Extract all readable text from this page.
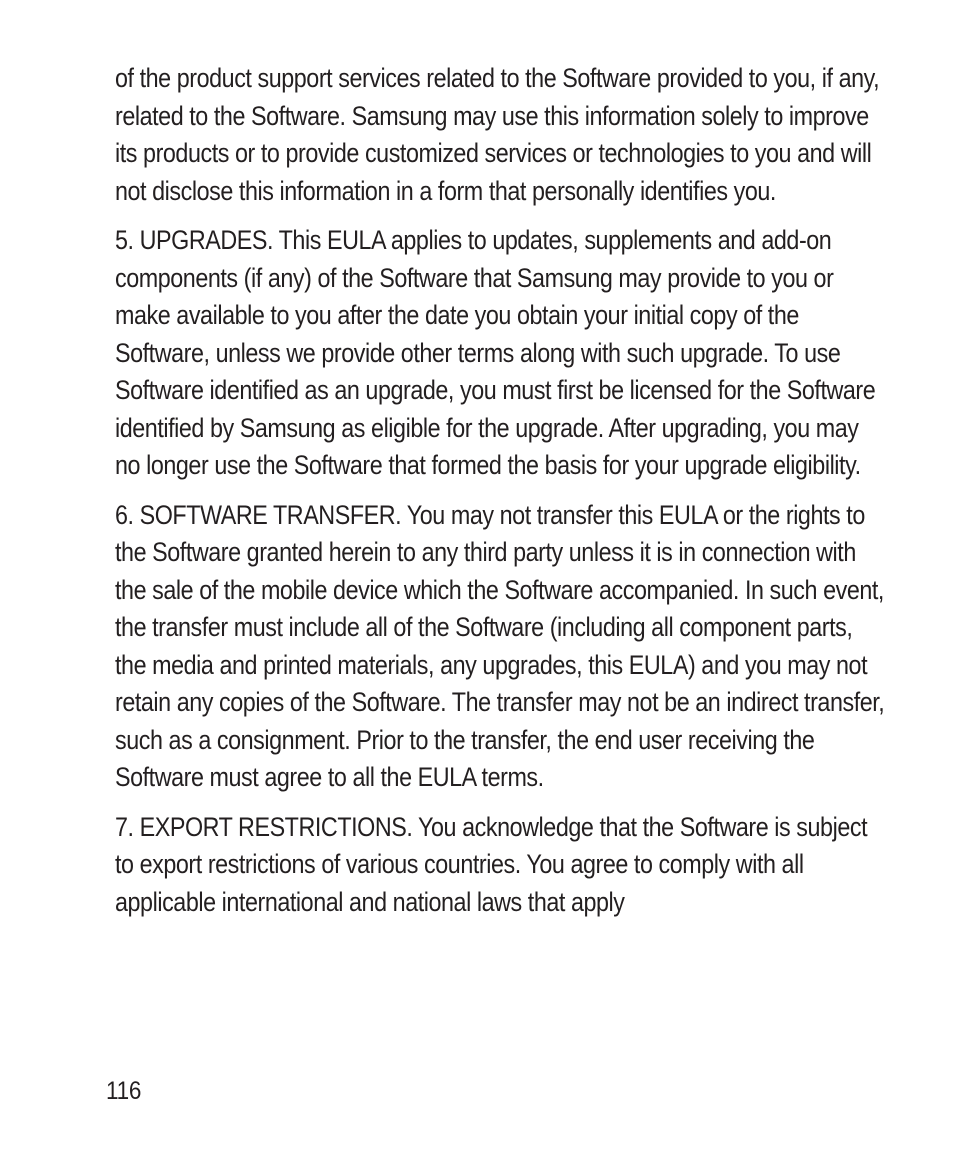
of the product support services related to the Software provided to you, if any, related to the Software. Samsung may use this information solely to improve its products or to provide customized services or technologies to you and will not disclose this information in a form that personally identifies you.

5. UPGRADES. This EULA applies to updates, supplements and add-on components (if any) of the Software that Samsung may provide to you or make available to you after the date you obtain your initial copy of the Software, unless we provide other terms along with such upgrade. To use Software identified as an upgrade, you must first be licensed for the Software identified by Samsung as eligible for the upgrade. After upgrading, you may no longer use the Software that formed the basis for your upgrade eligibility.

6. SOFTWARE TRANSFER. You may not transfer this EULA or the rights to the Software granted herein to any third party unless it is in connection with the sale of the mobile device which the Software accompanied. In such event, the transfer must include all of the Software (including all component parts, the media and printed materials, any upgrades, this EULA) and you may not retain any copies of the Software. The transfer may not be an indirect transfer, such as a consignment. Prior to the transfer, the end user receiving the Software must agree to all the EULA terms.

7. EXPORT RESTRICTIONS. You acknowledge that the Software is subject to export restrictions of various countries. You agree to comply with all applicable international and national laws that apply

116
